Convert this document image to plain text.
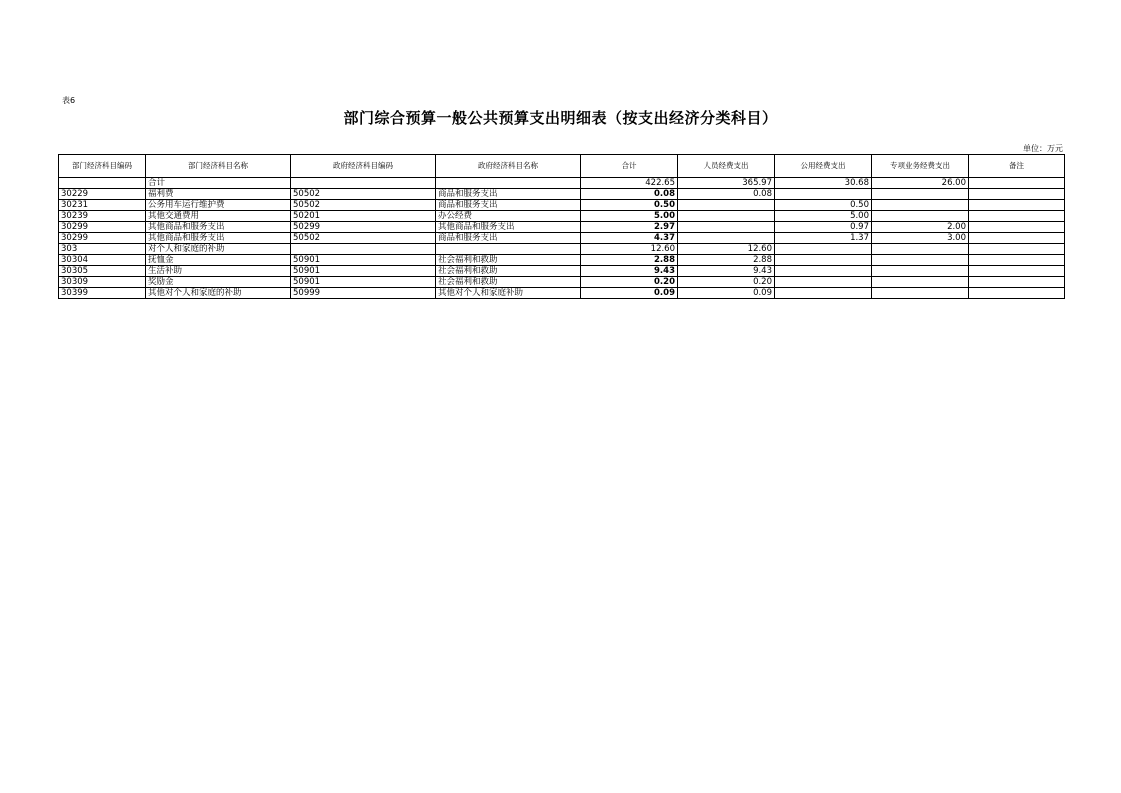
表6
部门综合预算一般公共预算支出明细表（按支出经济分类科目）
单位：万元
部门经济科目编码	部门经济科目名称	政府经济科目编码	政府经济科目名称	合计	人员经费支出	公用经费支出	专项业务经费支出	备注
	合计			422.65	365.97	30.68	26.00	
30229	福利费	50502	商品和服务支出	0.08	0.08			
30231	公务用车运行维护费	50502	商品和服务支出	0.50		0.50		
30239	其他交通费用	50201	办公经费	5.00		5.00		
30299	其他商品和服务支出	50299	其他商品和服务支出	2.97		0.97	2.00	
30299	其他商品和服务支出	50502	商品和服务支出	4.37		1.37	3.00	
303	对个人和家庭的补助			12.60	12.60			
30304	抚恤金	50901	社会福利和救助	2.88	2.88			
30305	生活补助	50901	社会福利和救助	9.43	9.43			
30309	奖励金	50901	社会福利和救助	0.20	0.20			
30399	其他对个人和家庭的补助	50999	其他对个人和家庭补助	0.09	0.09			
